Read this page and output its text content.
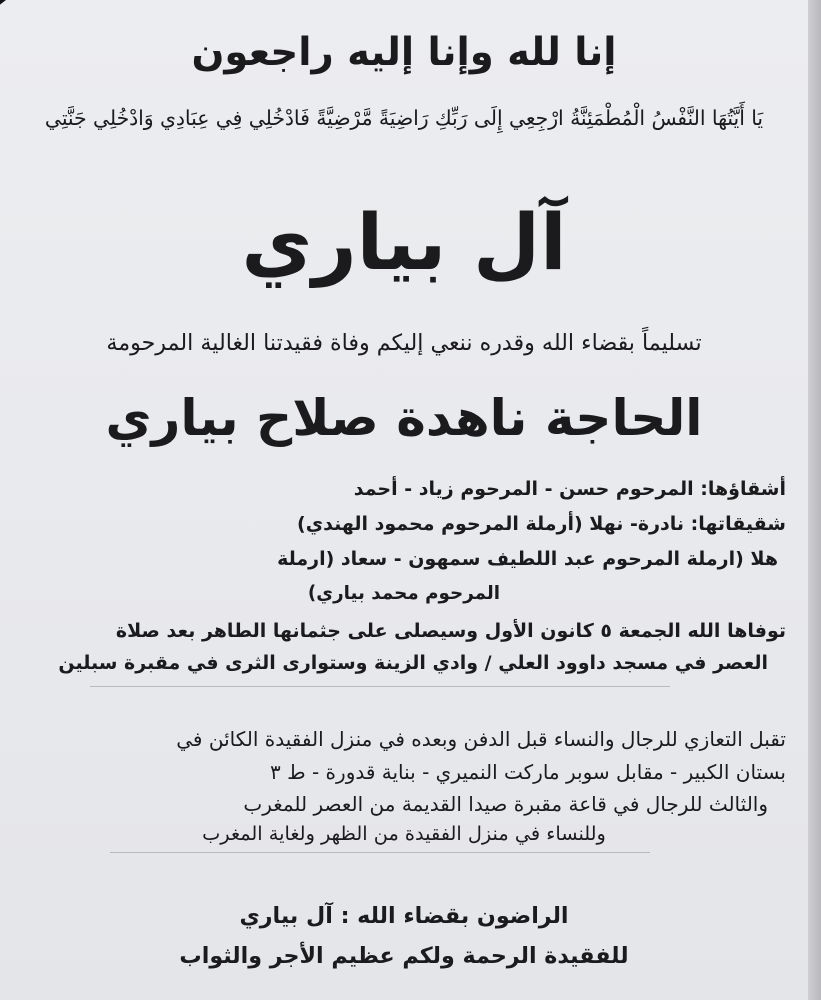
إنا لله وإنا إليه راجعون
يَا أَيَّتُهَا النَّفْسُ الْمُطْمَئِنَّةُ ارْجِعِي إِلَى رَبِّكِ رَاضِيَةً مَّرْضِيَّةً فَادْخُلِي فِي عِبَادِي وَادْخُلِي جَنَّتِي
آل بياري
تسليماً بقضاء الله وقدره ننعي إليكم وفاة فقيدتنا الغالية المرحومة
الحاجة ناهدة صلاح بياري
أشقاؤها: المرحوم حسن - المرحوم زياد - أحمد
شقيقاتها: نادرة- نهلا (أرملة المرحوم محمود الهندي)
هلا (ارملة المرحوم عبد اللطيف سمهون - سعاد (ارملة
المرحوم محمد بياري)
توفاها الله الجمعة ٥ كانون الأول وسيصلى على جثمانها الطاهر بعد صلاة
العصر في مسجد داوود العلي / وادي الزينة وستوارى الثرى في مقبرة سبلين
تقبل التعازي للرجال والنساء قبل الدفن وبعده في منزل الفقيدة الكائن في
بستان الكبير - مقابل سوبر ماركت النميري - بناية قدورة - ط ٣
والثالث للرجال في قاعة مقبرة صيدا القديمة من العصر للمغرب
وللنساء في منزل الفقيدة من الظهر ولغاية المغرب
الراضون بقضاء الله : آل بياري
للفقيدة الرحمة ولكم عظيم الأجر والثواب
